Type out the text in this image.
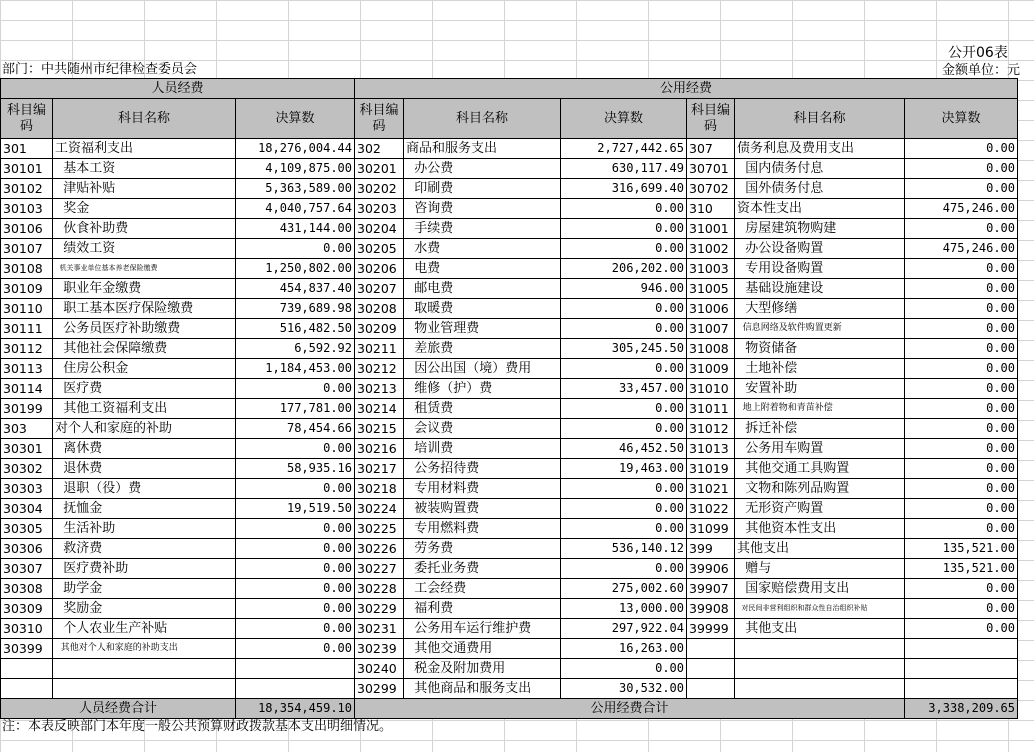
公开06表
部门：中共随州市纪律检查委员会	金额单位：元
人员经费			公用经费					
科目编码	科目名称	决算数	科目编码	科目名称	决算数	科目编码	科目名称	决算数
301	工资福利支出	18,276,004.44	302	商品和服务支出	2,727,442.65	307	债务利息及费用支出	0.00
30101	基本工资	4,109,875.00	30201	办公费	630,117.49	30701	国内债务付息	0.00
30102	津贴补贴	5,363,589.00	30202	印刷费	316,699.40	30702	国外债务付息	0.00
30103	奖金	4,040,757.64	30203	咨询费	0.00	310	资本性支出	475,246.00
30106	伙食补助费	431,144.00	30204	手续费	0.00	31001	房屋建筑物购建	0.00
30107	绩效工资	0.00	30205	水费	0.00	31002	办公设备购置	475,246.00
30108	机关事业单位基本养老保险缴费	1,250,802.00	30206	电费	206,202.00	31003	专用设备购置	0.00
30109	职业年金缴费	454,837.40	30207	邮电费	946.00	31005	基础设施建设	0.00
30110	职工基本医疗保险缴费	739,689.98	30208	取暖费	0.00	31006	大型修缮	0.00
30111	公务员医疗补助缴费	516,482.50	30209	物业管理费	0.00	31007	信息网络及软件购置更新	0.00
30112	其他社会保障缴费	6,592.92	30211	差旅费	305,245.50	31008	物资储备	0.00
30113	住房公积金	1,184,453.00	30212	因公出国（境）费用	0.00	31009	土地补偿	0.00
30114	医疗费	0.00	30213	维修（护）费	33,457.00	31010	安置补助	0.00
30199	其他工资福利支出	177,781.00	30214	租赁费	0.00	31011	地上附着物和青苗补偿	0.00
303	对个人和家庭的补助	78,454.66	30215	会议费	0.00	31012	拆迁补偿	0.00
30301	离休费	0.00	30216	培训费	46,452.50	31013	公务用车购置	0.00
30302	退休费	58,935.16	30217	公务招待费	19,463.00	31019	其他交通工具购置	0.00
30303	退职（役）费	0.00	30218	专用材料费	0.00	31021	文物和陈列品购置	0.00
30304	抚恤金	19,519.50	30224	被装购置费	0.00	31022	无形资产购置	0.00
30305	生活补助	0.00	30225	专用燃料费	0.00	31099	其他资本性支出	0.00
30306	救济费	0.00	30226	劳务费	536,140.12	399	其他支出	135,521.00
30307	医疗费补助	0.00	30227	委托业务费	0.00	39906	赠与	135,521.00
30308	助学金	0.00	30228	工会经费	275,002.60	39907	国家赔偿费用支出	0.00
30309	奖励金	0.00	30229	福利费	13,000.00	39908	对民间非营利组织和群众性自治组织补贴	0.00
30310	个人农业生产补贴	0.00	30231	公务用车运行维护费	297,922.04	39999	其他支出	0.00
30399	其他对个人和家庭的补助支出	0.00	30239	其他交通费用	16,263.00			
			30240	税金及附加费用	0.00			
			30299	其他商品和服务支出	30,532.00			
人员经费合计		18,354,459.10	公用经费合计					3,338,209.65
注：本表反映部门本年度一般公共预算财政拨款基本支出明细情况。
